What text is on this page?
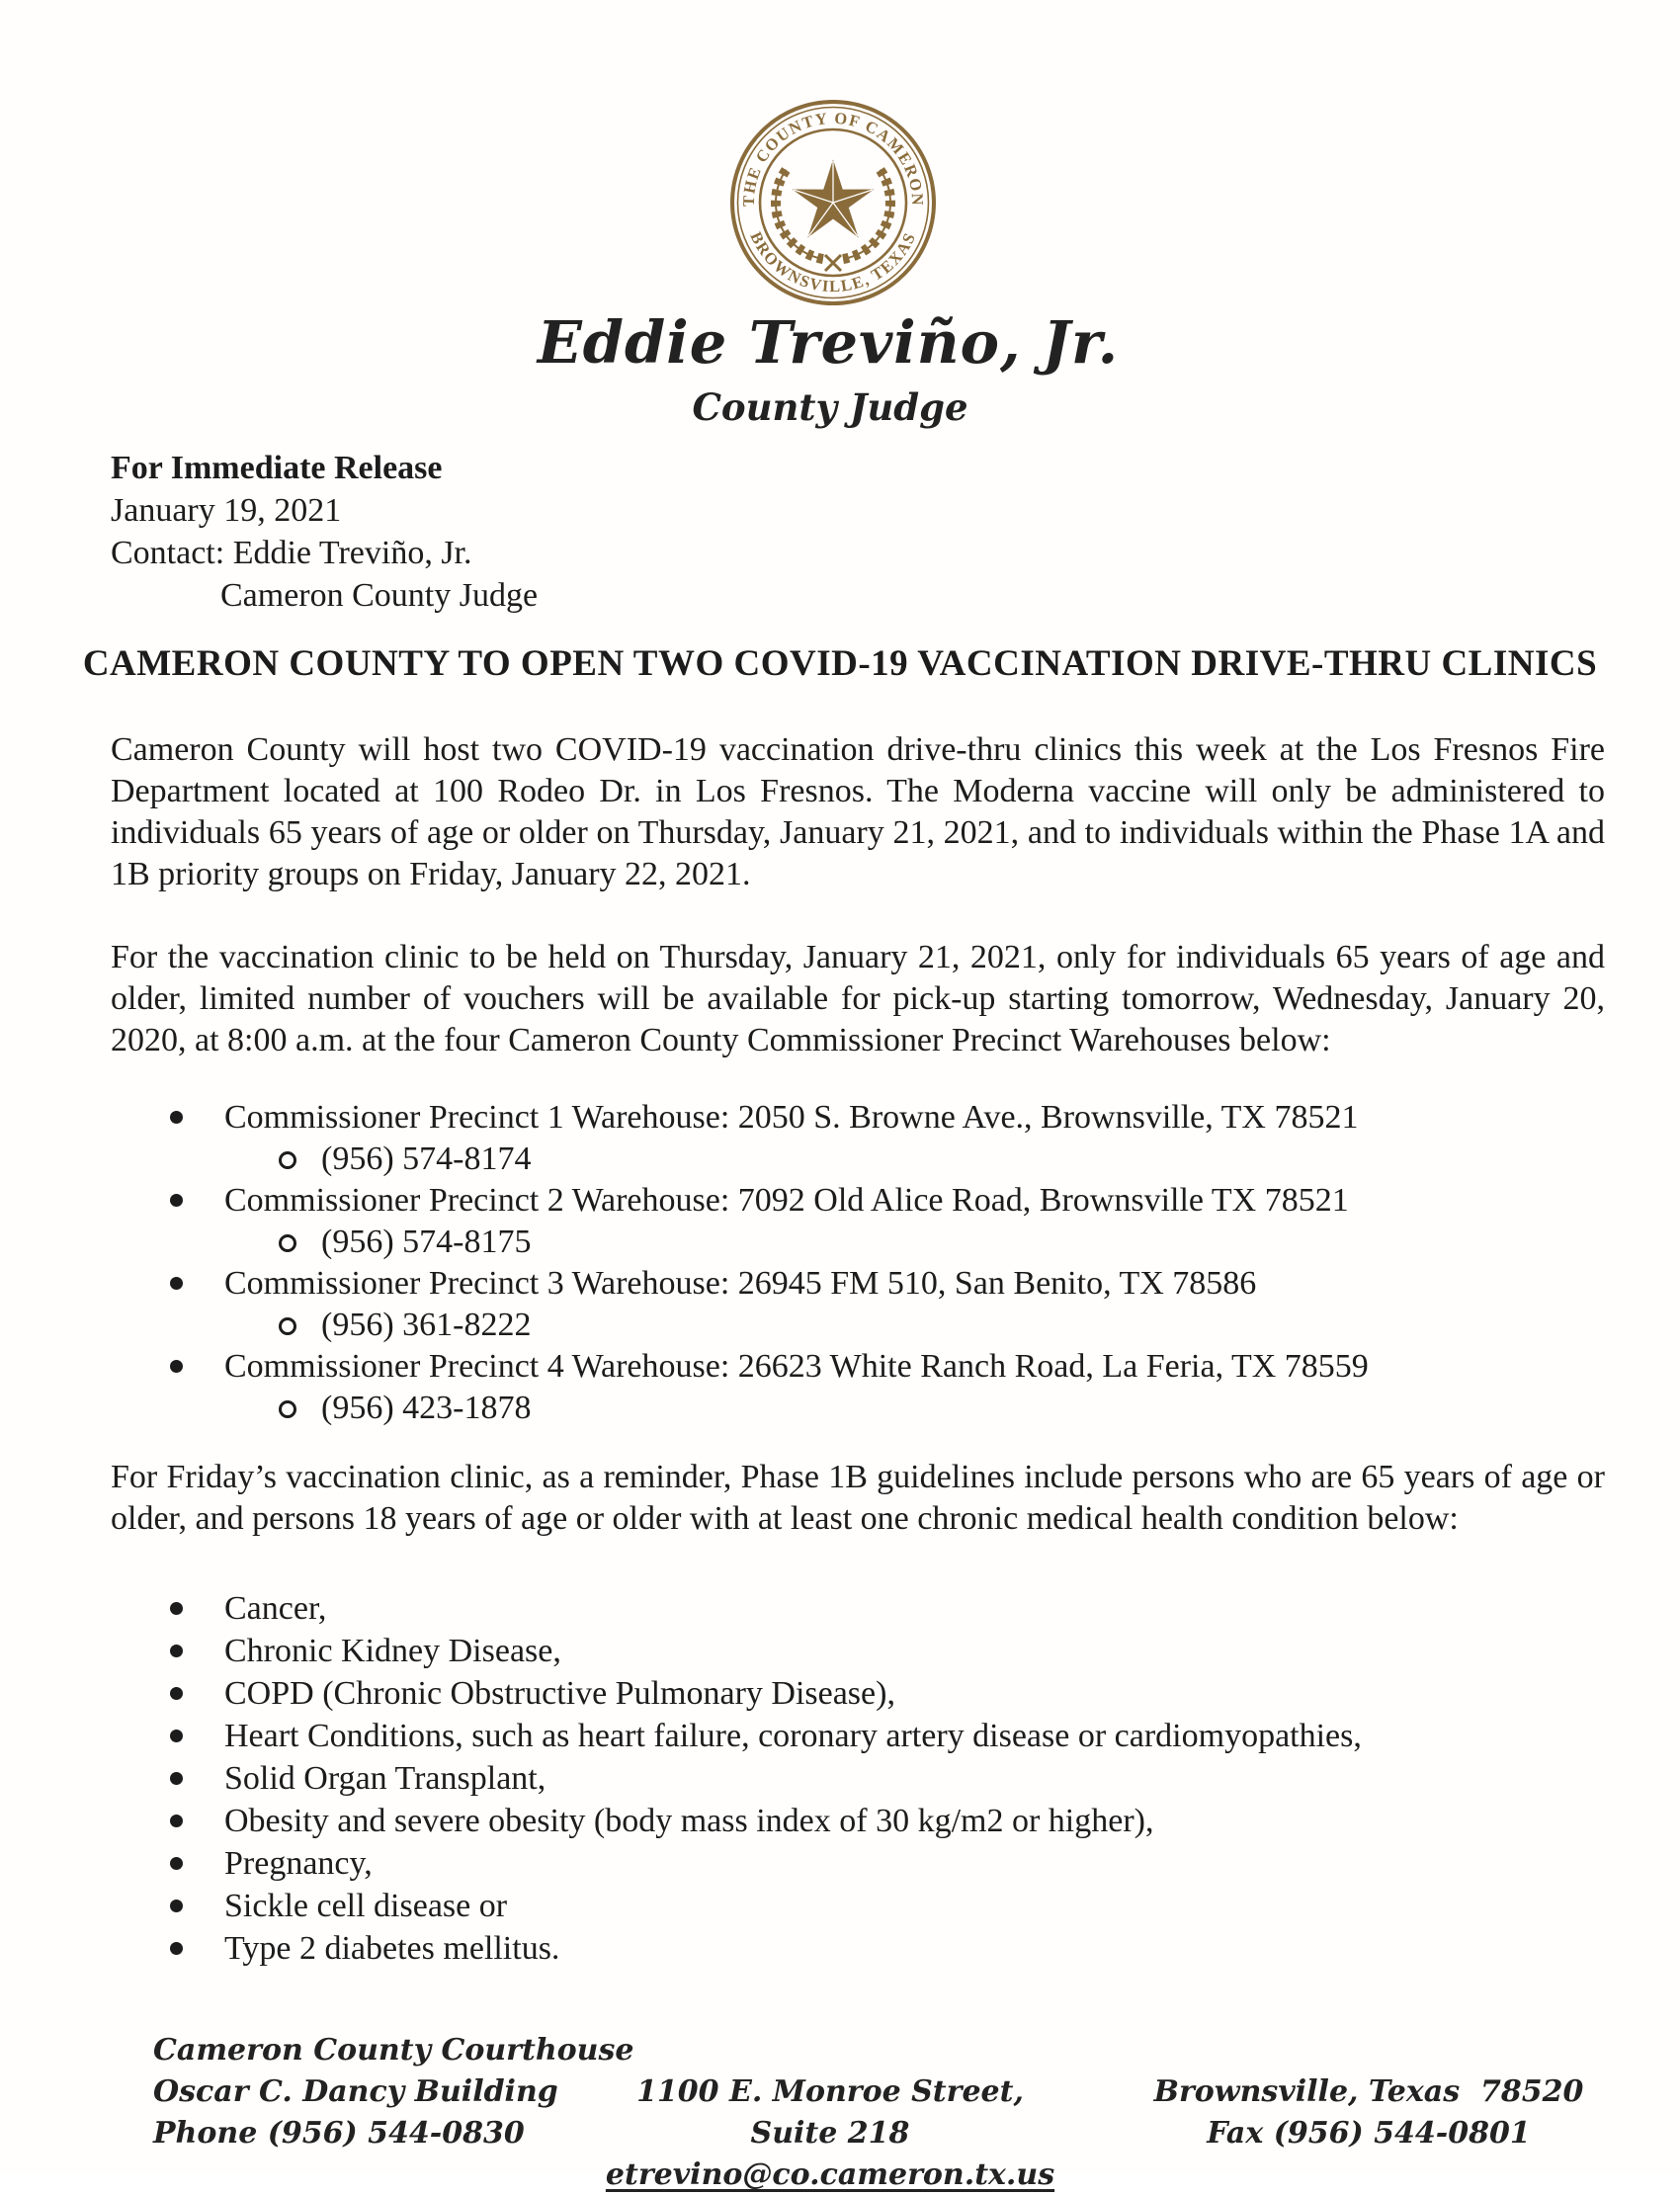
THE COUNTY OF CAMERON
BROWNSVILLE, TEXAS
Eddie Treviño, Jr.
County Judge
For Immediate Release
January 19, 2021
Contact: Eddie Treviño, Jr.
Cameron County Judge
CAMERON COUNTY TO OPEN TWO COVID-19 VACCINATION DRIVE-THRU CLINICS
Cameron County will host two COVID-19 vaccination drive-thru clinics this week at the Los Fresnos Fire Department located at 100 Rodeo Dr. in Los Fresnos. The Moderna vaccine will only be administered to individuals 65 years of age or older on Thursday, January 21, 2021, and to individuals within the Phase 1A and 1B priority groups on Friday, January 22, 2021.
For the vaccination clinic to be held on Thursday, January 21, 2021, only for individuals 65 years of age and older, limited number of vouchers will be available for pick-up starting tomorrow, Wednesday, January 20, 2020, at 8:00 a.m. at the four Cameron County Commissioner Precinct Warehouses below:
Commissioner Precinct 1 Warehouse: 2050 S. Browne Ave., Brownsville, TX 78521
(956) 574-8174
Commissioner Precinct 2 Warehouse: 7092 Old Alice Road, Brownsville TX 78521
(956) 574-8175
Commissioner Precinct 3 Warehouse: 26945 FM 510, San Benito, TX 78586
(956) 361-8222
Commissioner Precinct 4 Warehouse: 26623 White Ranch Road, La Feria, TX 78559
(956) 423-1878
For Friday’s vaccination clinic, as a reminder, Phase 1B guidelines include persons who are 65 years of age or older, and persons 18 years of age or older with at least one chronic medical health condition below:
Cancer,
Chronic Kidney Disease,
COPD (Chronic Obstructive Pulmonary Disease),
Heart Conditions, such as heart failure, coronary artery disease or cardiomyopathies,
Solid Organ Transplant,
Obesity and severe obesity (body mass index of 30 kg/m2 or higher),
Pregnancy,
Sickle cell disease or
Type 2 diabetes mellitus.
Cameron County Courthouse
Oscar C. Dancy Building
Phone (956) 544-0830
1100 E. Monroe Street, Suite 218
etrevino@co.cameron.tx.us
Brownsville, Texas  78520
Fax (956) 544-0801
